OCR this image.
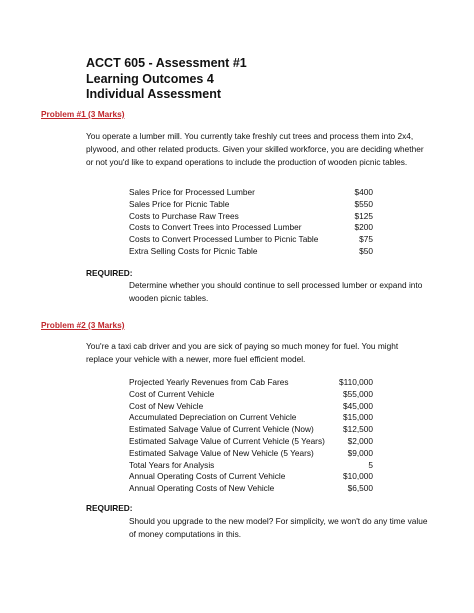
ACCT 605 - Assessment #1
Learning Outcomes 4
Individual Assessment
Problem #1 (3 Marks)
You operate a lumber mill. You currently take freshly cut trees and process them into 2x4, plywood, and other related products. Given your skilled workforce, you are deciding whether or not you'd like to expand operations to include the production of wooden picnic tables.
Sales Price for Processed Lumber	$400
Sales Price for Picnic Table	$550
Costs to Purchase Raw Trees	$125
Costs to Convert Trees into Processed Lumber	$200
Costs to Convert Processed Lumber to Picnic Table	$75
Extra Selling Costs for Picnic Table	$50
REQUIRED:
Determine whether you should continue to sell processed lumber or expand into wooden picnic tables.
Problem #2 (3 Marks)
You're a taxi cab driver and you are sick of paying so much money for fuel. You might replace your vehicle with a newer, more fuel efficient model.
Projected Yearly Revenues from Cab Fares	$110,000
Cost of Current Vehicle	$55,000
Cost of New Vehicle	$45,000
Accumulated Depreciation on Current Vehicle	$15,000
Estimated Salvage Value of Current Vehicle (Now)	$12,500
Estimated Salvage Value of Current Vehicle (5 Years)	$2,000
Estimated Salvage Value of New Vehicle (5 Years)	$9,000
Total Years for Analysis	5
Annual Operating Costs of Current Vehicle	$10,000
Annual Operating Costs of New Vehicle	$6,500
REQUIRED:
Should you upgrade to the new model? For simplicity, we won't do any time value of money computations in this.
